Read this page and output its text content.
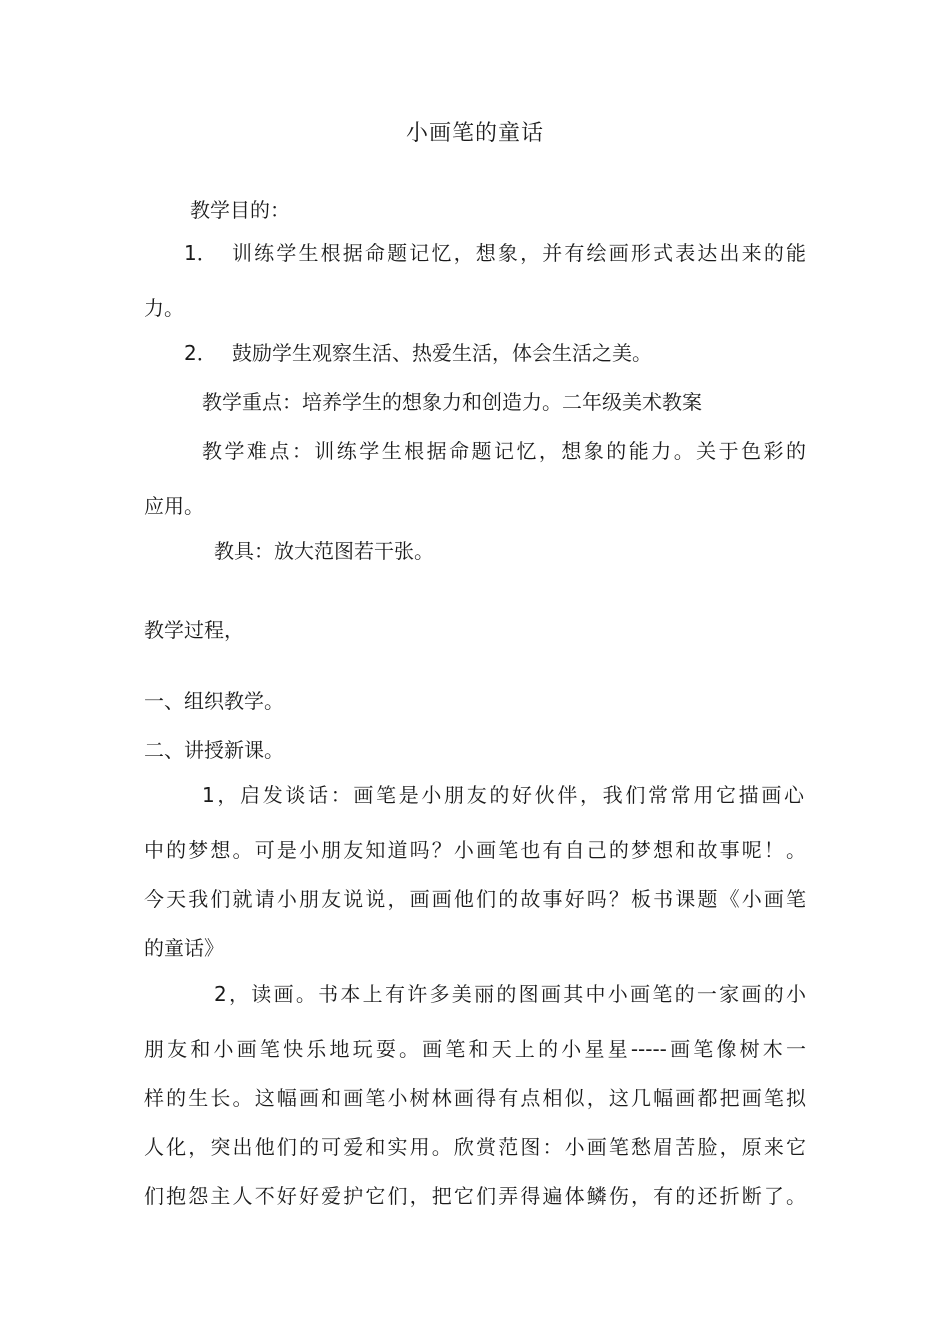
小画笔的童话
教学目的：
1． 训练学生根据命题记忆，想象，并有绘画形式表达出来的能
力。
2． 鼓励学生观察生活、热爱生活，体会生活之美。
教学重点：培养学生的想象力和创造力。二年级美术教案
教学难点：训练学生根据命题记忆，想象的能力。关于色彩的
应用。
教具：放大范图若干张。
教学过程，
一、组织教学。
二、讲授新课。
1，启发谈话：画笔是小朋友的好伙伴，我们常常用它描画心
中的梦想。可是小朋友知道吗？小画笔也有自己的梦想和故事呢！。
今天我们就请小朋友说说，画画他们的故事好吗？板书课题《小画笔
的童话》
2，读画。书本上有许多美丽的图画其中小画笔的一家画的小
朋友和小画笔快乐地玩耍。画笔和天上的小星星-----画笔像树木一
样的生长。这幅画和画笔小树林画得有点相似，这几幅画都把画笔拟
人化，突出他们的可爱和实用。欣赏范图：小画笔愁眉苦脸，原来它
们抱怨主人不好好爱护它们，把它们弄得遍体鳞伤，有的还折断了。
